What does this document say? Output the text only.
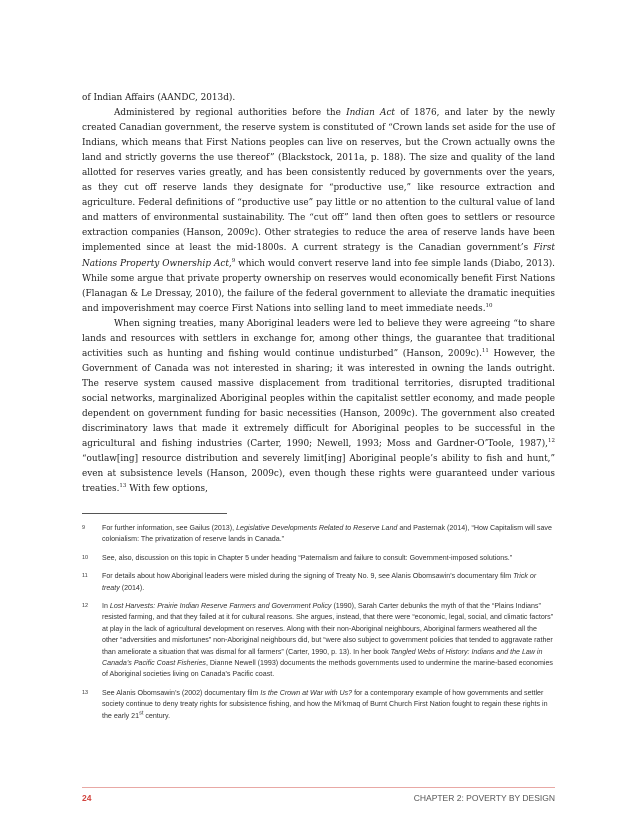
of Indian Affairs (AANDC, 2013d).

Administered by regional authorities before the Indian Act of 1876, and later by the newly created Canadian government, the reserve system is constituted of “Crown lands set aside for the use of Indians, which means that First Nations peoples can live on reserves, but the Crown actually owns the land and strictly governs the use thereof” (Blackstock, 2011a, p. 188). The size and quality of the land allotted for reserves varies greatly, and has been consistently reduced by governments over the years, as they cut off reserve lands they designate for “productive use,” like resource extraction and agriculture. Federal definitions of “productive use” pay little or no attention to the cultural value of land and matters of environmental sustainability. The “cut off” land then often goes to settlers or resource extraction companies (Hanson, 2009c). Other strategies to reduce the area of reserve lands have been implemented since at least the mid-1800s. A current strategy is the Canadian government’s First Nations Property Ownership Act,$^9$ which would convert reserve land into fee simple lands (Diabo, 2013). While some argue that private property ownership on reserves would economically benefit First Nations (Flanagan & Le Dressay, 2010), the failure of the federal government to alleviate the dramatic inequities and impoverishment may coerce First Nations into selling land to meet immediate needs.$^{10}$

When signing treaties, many Aboriginal leaders were led to believe they were agreeing “to share lands and resources with settlers in exchange for, among other things, the guarantee that traditional activities such as hunting and fishing would continue undisturbed” (Hanson, 2009c).$^{11}$ However, the Government of Canada was not interested in sharing; it was interested in owning the lands outright. The reserve system caused massive displacement from traditional territories, disrupted traditional social networks, marginalized Aboriginal peoples within the capitalist settler economy, and made people dependent on government funding for basic necessities (Hanson, 2009c). The government also created discriminatory laws that made it extremely difficult for Aboriginal peoples to be successful in the agricultural and fishing industries (Carter, 1990; Newell, 1993; Moss and Gardner-O’Toole, 1987),$^{12}$ “outlaw[ing] resource distribution and severely limit[ing] Aboriginal people’s ability to fish and hunt,” even at subsistence levels (Hanson, 2009c), even though these rights were guaranteed under various treaties.$^{13}$ With few options,

9	For further information, see Gailus (2013), Legislative Developments Related to Reserve Land and Pasternak (2014), “How Capitalism will save colonialism: The privatization of reserve lands in Canada.”
10	See, also, discussion on this topic in Chapter 5 under heading “Paternalism and failure to consult: Government-imposed solutions.”
11	For details about how Aboriginal leaders were misled during the signing of Treaty No. 9, see Alanis Obomsawin’s documentary film Trick or treaty (2014).
12	In Lost Harvests: Prairie Indian Reserve Farmers and Government Policy (1990), Sarah Carter debunks the myth of that the “Plains Indians” resisted farming, and that they failed at it for cultural reasons. She argues, instead, that there were “economic, legal, social, and climatic factors” at play in the lack of agricultural development on reserves. Along with their non-Aboriginal neighbours, Aboriginal farmers weathered all the other “adversities and misfortunes” non-Aboriginal neighbours did, but “were also subject to government policies that tended to aggravate rather than ameliorate a situation that was dismal for all farmers” (Carter, 1990, p. 13). In her book Tangled Webs of History: Indians and the Law in Canada’s Pacific Coast Fisheries, Dianne Newell (1993) documents the methods governments used to undermine the marine-based economies of Aboriginal societies living on Canada’s Pacific coast.
13	See Alanis Obomsawin’s (2002) documentary film Is the Crown at War with Us? for a contemporary example of how governments and settler society continue to deny treaty rights for subsistence fishing, and how the Mi’kmaq of Burnt Church First Nation fought to regain these rights in the early 21st century.
24	CHAPTER 2: POVERTY BY DESIGN
